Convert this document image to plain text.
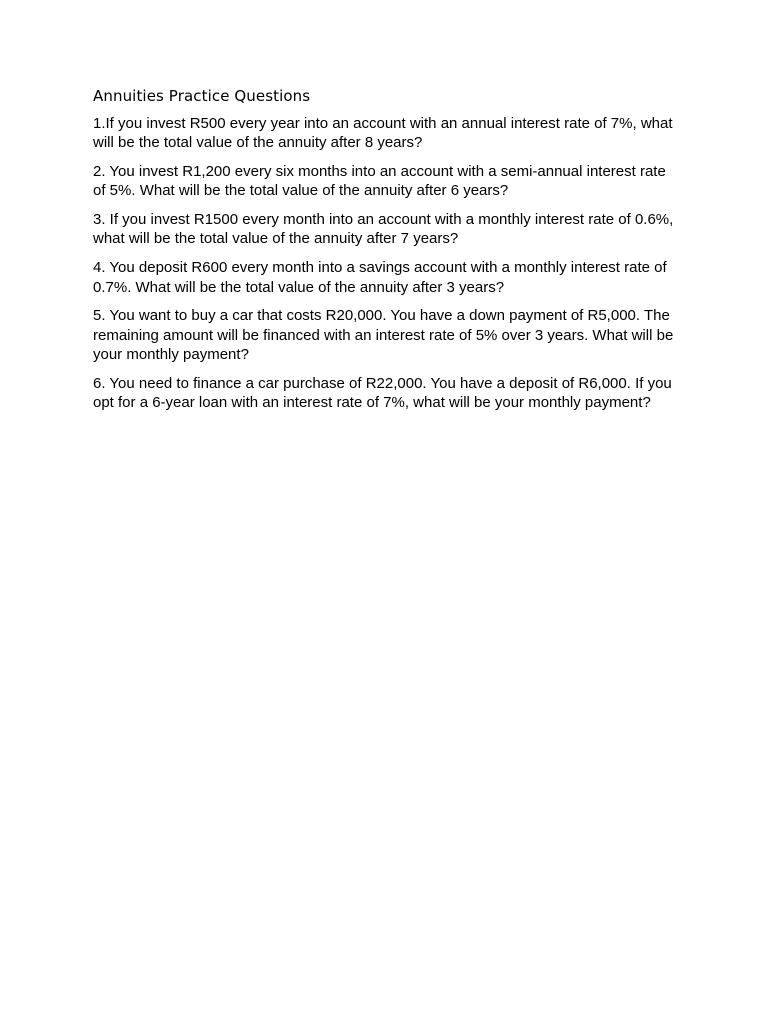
Annuities Practice Questions

1.If you invest R500 every year into an account with an annual interest rate of 7%, what will be the total value of the annuity after 8 years?

2. You invest R1,200 every six months into an account with a semi-annual interest rate of 5%. What will be the total value of the annuity after 6 years?

3. If you invest R1500 every month into an account with a monthly interest rate of 0.6%, what will be the total value of the annuity after 7 years?

4. You deposit R600 every month into a savings account with a monthly interest rate of 0.7%. What will be the total value of the annuity after 3 years?

5. You want to buy a car that costs R20,000. You have a down payment of R5,000. The remaining amount will be financed with an interest rate of 5% over 3 years. What will be your monthly payment?

6. You need to finance a car purchase of R22,000. You have a deposit of R6,000. If you opt for a 6-year loan with an interest rate of 7%, what will be your monthly payment?
